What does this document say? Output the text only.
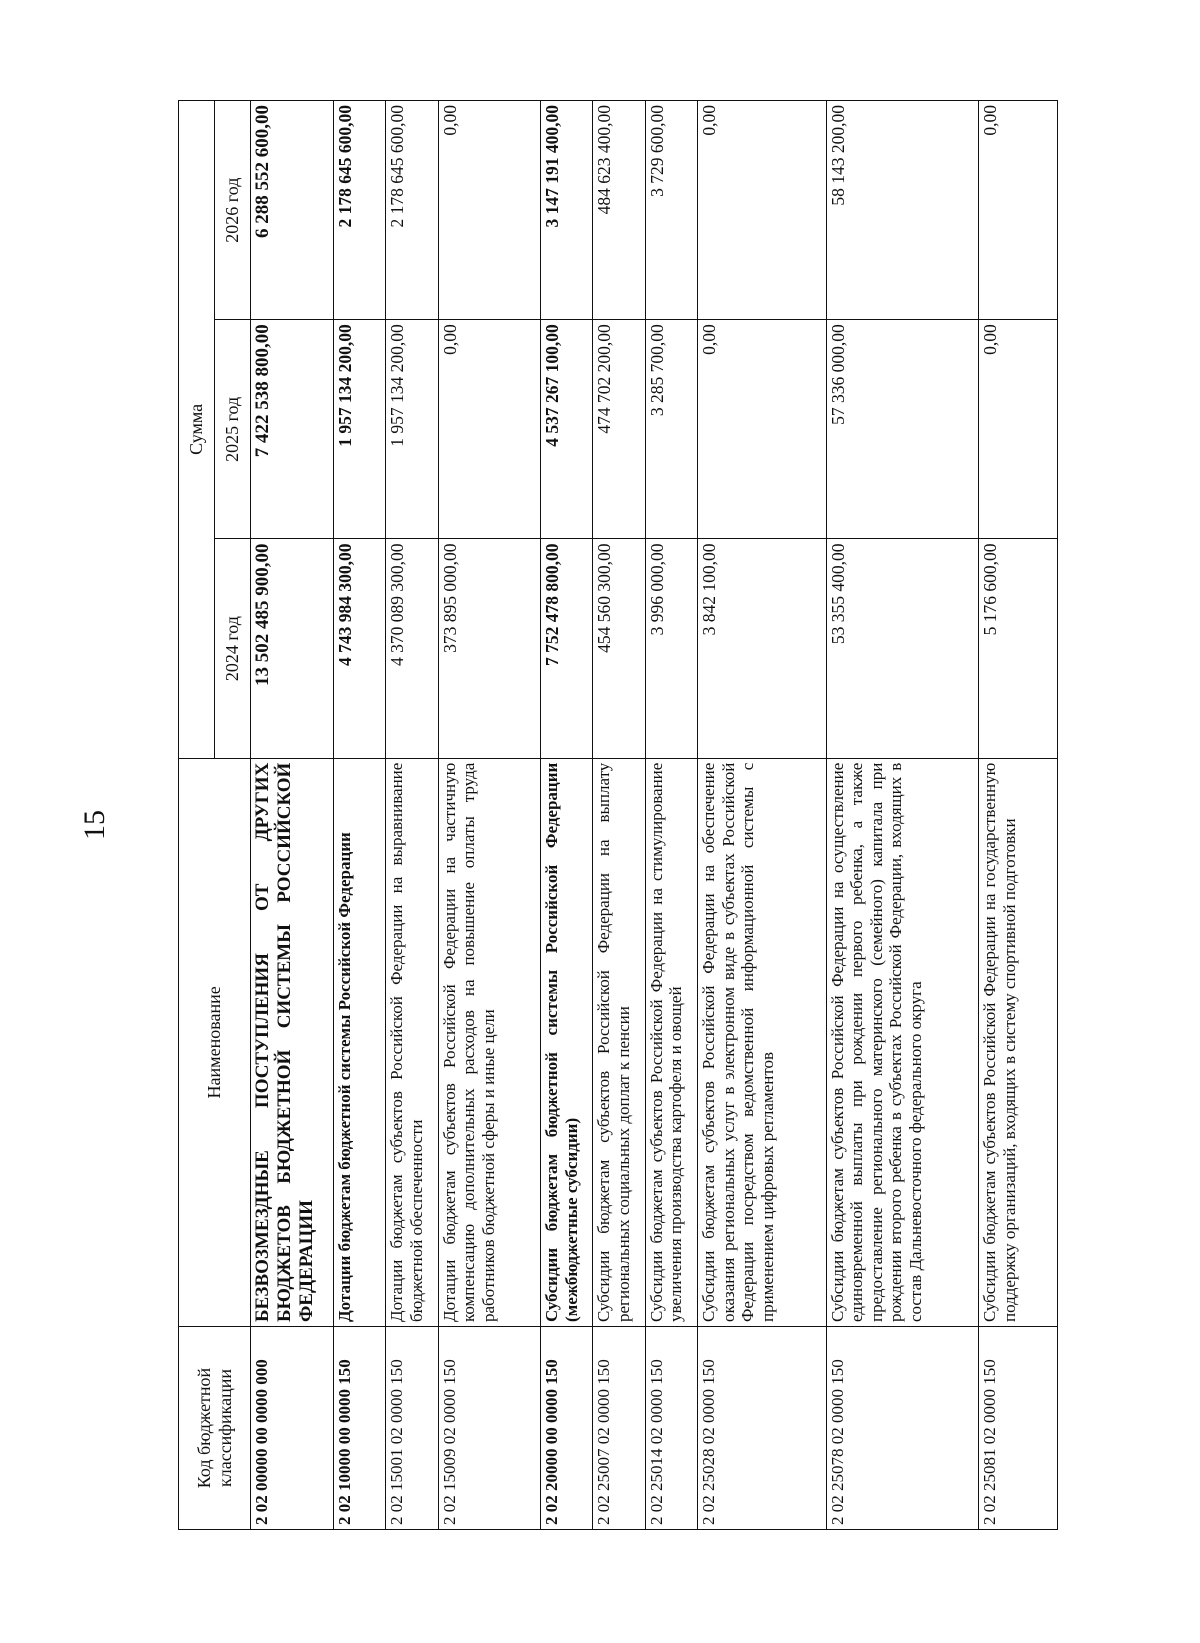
15
Код бюджетной классификации	Наименование	Сумма		
		2024 год	2025 год	2026 год
2 02 00000 00 0000 000	БЕЗВОЗМЕЗДНЫЕ ПОСТУПЛЕНИЯ ОТ ДРУГИХ БЮДЖЕТОВ БЮДЖЕТНОЙ СИСТЕМЫ РОССИЙСКОЙ ФЕДЕРАЦИИ	13 502 485 900,00	7 422 538 800,00	6 288 552 600,00
2 02 10000 00 0000 150	Дотации бюджетам бюджетной системы Российской Федерации	4 743 984 300,00	1 957 134 200,00	2 178 645 600,00
2 02 15001 02 0000 150	Дотации бюджетам субъектов Российской Федерации на выравнивание бюджетной обеспеченности	4 370 089 300,00	1 957 134 200,00	2 178 645 600,00
2 02 15009 02 0000 150	Дотации бюджетам субъектов Российской Федерации на частичную компенсацию дополнительных расходов на повышение оплаты труда работников бюджетной сферы и иные цели	373 895 000,00	0,00	0,00
2 02 20000 00 0000 150	Субсидии бюджетам бюджетной системы Российской Федерации (межбюджетные субсидии)	7 752 478 800,00	4 537 267 100,00	3 147 191 400,00
2 02 25007 02 0000 150	Субсидии бюджетам субъектов Российской Федерации на выплату региональных социальных доплат к пенсии	454 560 300,00	474 702 200,00	484 623 400,00
2 02 25014 02 0000 150	Субсидии бюджетам субъектов Российской Федерации на стимулирование увеличения производства картофеля и овощей	3 996 000,00	3 285 700,00	3 729 600,00
2 02 25028 02 0000 150	Субсидии бюджетам субъектов Российской Федерации на обеспечение оказания региональных услуг в электронном виде в субъектах Российской Федерации посредством ведомственной информационной системы с применением цифровых регламентов	3 842 100,00	0,00	0,00
2 02 25078 02 0000 150	Субсидии бюджетам субъектов Российской Федерации на осуществление единовременной выплаты при рождении первого ребенка, а также предоставление регионального материнского (семейного) капитала при рождении второго ребенка в субъектах Российской Федерации, входящих в состав Дальневосточного федерального округа	53 355 400,00	57 336 000,00	58 143 200,00
2 02 25081 02 0000 150	Субсидии бюджетам субъектов Российской Федерации на государственную поддержку организаций, входящих в систему спортивной подготовки	5 176 600,00	0,00	0,00
